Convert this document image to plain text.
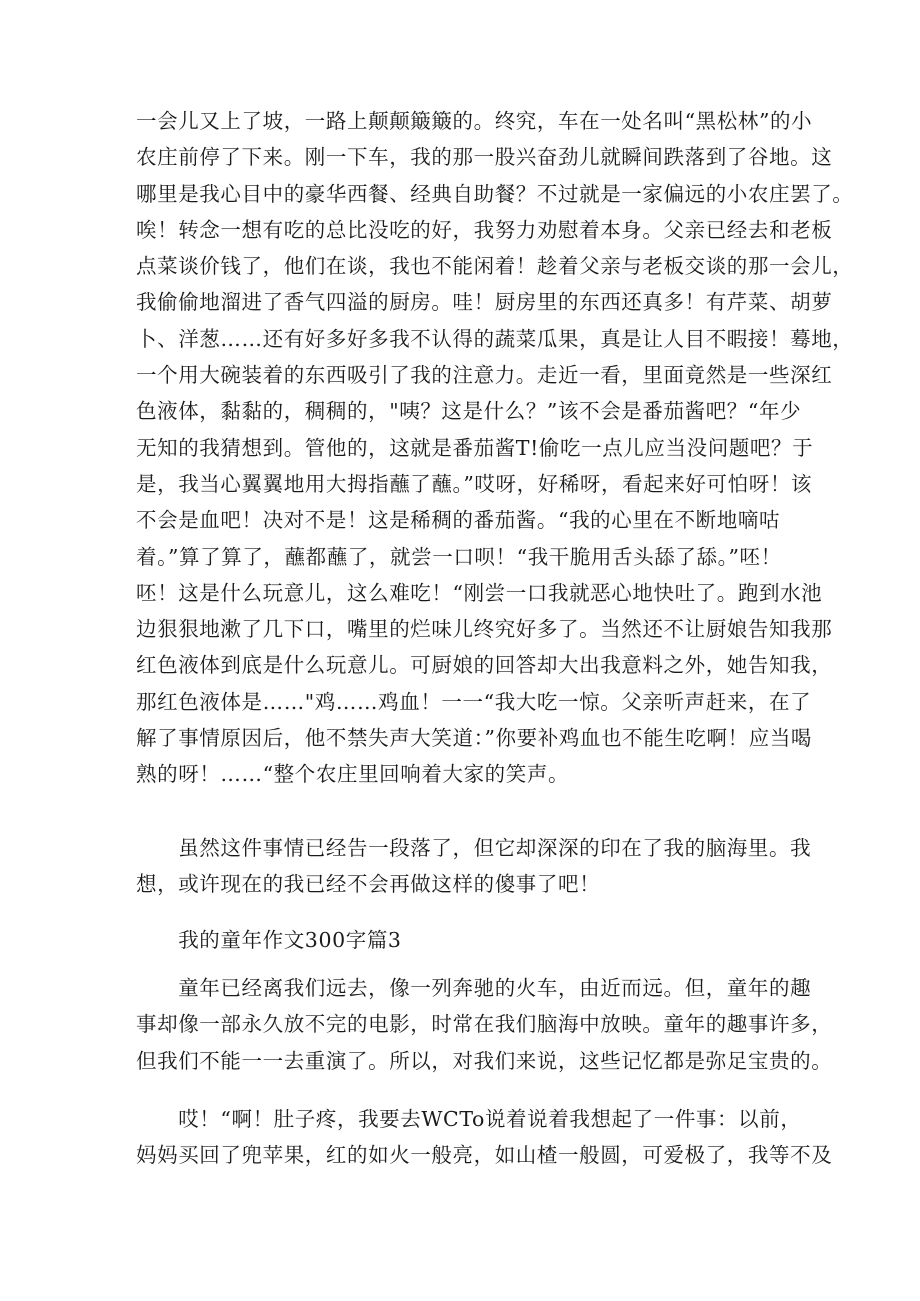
一会儿又上了坡，一路上颠颠簸簸的。终究，车在一处名叫“黑松林”的小
农庄前停了下来。刚一下车，我的那一股兴奋劲儿就瞬间跌落到了谷地。这
哪里是我心目中的豪华西餐、经典自助餐？不过就是一家偏远的小农庄罢了。
唉！转念一想有吃的总比没吃的好，我努力劝慰着本身。父亲已经去和老板
点菜谈价钱了，他们在谈，我也不能闲着！趁着父亲与老板交谈的那一会儿，
我偷偷地溜进了香气四溢的厨房。哇！厨房里的东西还真多！有芹菜、胡萝
卜、洋葱……还有好多好多我不认得的蔬菜瓜果，真是让人目不暇接！蓦地，
一个用大碗装着的东西吸引了我的注意力。走近一看，里面竟然是一些深红
色液体，黏黏的，稠稠的，"咦？这是什么？”该不会是番茄酱吧？“年少
无知的我猜想到。管他的，这就是番茄酱T!偷吃一点儿应当没问题吧？于
是，我当心翼翼地用大拇指蘸了蘸。”哎呀，好稀呀，看起来好可怕呀！该
不会是血吧！决对不是！这是稀稠的番茄酱。“我的心里在不断地嘀咕
着。”算了算了，蘸都蘸了，就尝一口呗！“我干脆用舌头舔了舔。”呸！
呸！这是什么玩意儿，这么难吃！“刚尝一口我就恶心地快吐了。跑到水池
边狠狠地漱了几下口，嘴里的烂味儿终究好多了。当然还不让厨娘告知我那
红色液体到底是什么玩意儿。可厨娘的回答却大出我意料之外，她告知我，
那红色液体是……"鸡……鸡血！一一“我大吃一惊。父亲听声赶来，在了
解了事情原因后，他不禁失声大笑道：”你要补鸡血也不能生吃啊！应当喝
熟的呀！……“整个农庄里回响着大家的笑声。
　　虽然这件事情已经告一段落了，但它却深深的印在了我的脑海里。我
想，或许现在的我已经不会再做这样的傻事了吧！
　　我的童年作文300字篇3
　　童年已经离我们远去，像一列奔驰的火车，由近而远。但，童年的趣
事却像一部永久放不完的电影，时常在我们脑海中放映。童年的趣事许多，
但我们不能一一去重演了。所以，对我们来说，这些记忆都是弥足宝贵的。
　　哎！“啊！肚子疼，我要去WCTo说着说着我想起了一件事：以前，
妈妈买回了兜苹果，红的如火一般亮，如山楂一般圆，可爱极了，我等不及
